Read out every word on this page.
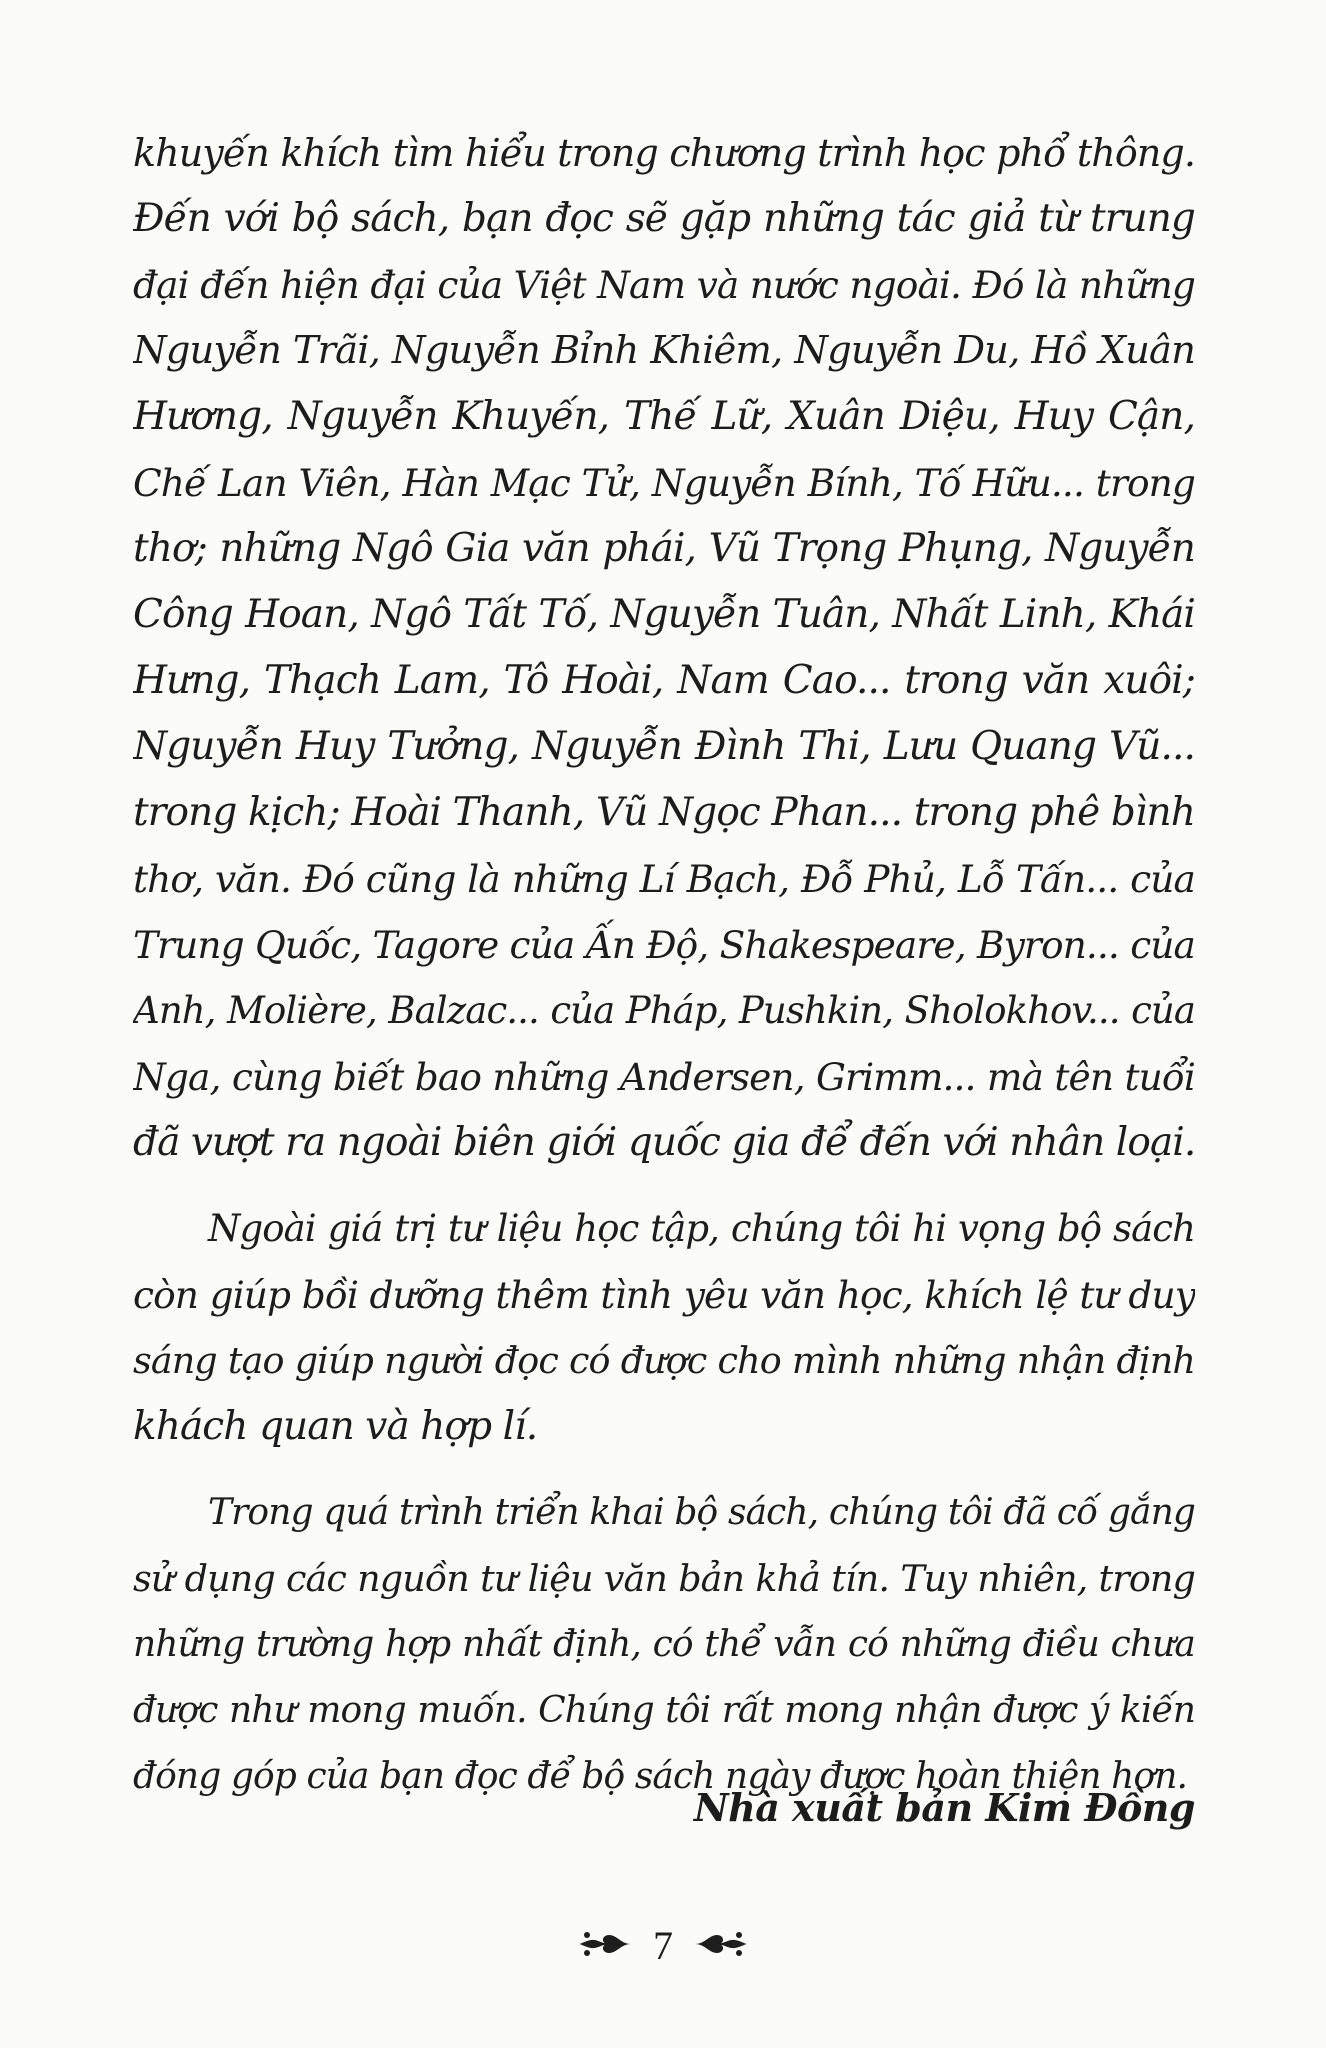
khuyến khích tìm hiểu trong chương trình học phổ thông.
Đến với bộ sách, bạn đọc sẽ gặp những tác giả từ trung
đại đến hiện đại của Việt Nam và nước ngoài. Đó là những
Nguyễn Trãi, Nguyễn Bỉnh Khiêm, Nguyễn Du, Hồ Xuân
Hương, Nguyễn Khuyến, Thế Lữ, Xuân Diệu, Huy Cận,
Chế Lan Viên, Hàn Mạc Tử, Nguyễn Bính, Tố Hữu... trong
thơ; những Ngô Gia văn phái, Vũ Trọng Phụng, Nguyễn
Công Hoan, Ngô Tất Tố, Nguyễn Tuân, Nhất Linh, Khái
Hưng, Thạch Lam, Tô Hoài, Nam Cao... trong văn xuôi;
Nguyễn Huy Tưởng, Nguyễn Đình Thi, Lưu Quang Vũ...
trong kịch; Hoài Thanh, Vũ Ngọc Phan... trong phê bình
thơ, văn. Đó cũng là những Lí Bạch, Đỗ Phủ, Lỗ Tấn... của
Trung Quốc, Tagore của Ấn Độ, Shakespeare, Byron... của
Anh, Molière, Balzac... của Pháp, Pushkin, Sholokhov... của
Nga, cùng biết bao những Andersen, Grimm... mà tên tuổi
đã vượt ra ngoài biên giới quốc gia để đến với nhân loại.
Ngoài giá trị tư liệu học tập, chúng tôi hi vọng bộ sách
còn giúp bồi dưỡng thêm tình yêu văn học, khích lệ tư duy
sáng tạo giúp người đọc có được cho mình những nhận định
khách quan và hợp lí.
Trong quá trình triển khai bộ sách, chúng tôi đã cố gắng
sử dụng các nguồn tư liệu văn bản khả tín. Tuy nhiên, trong
những trường hợp nhất định, có thể vẫn có những điều chưa
được như mong muốn. Chúng tôi rất mong nhận được ý kiến
đóng góp của bạn đọc để bộ sách ngày được hoàn thiện hơn.
Nhà xuất bản Kim Đồng
7
